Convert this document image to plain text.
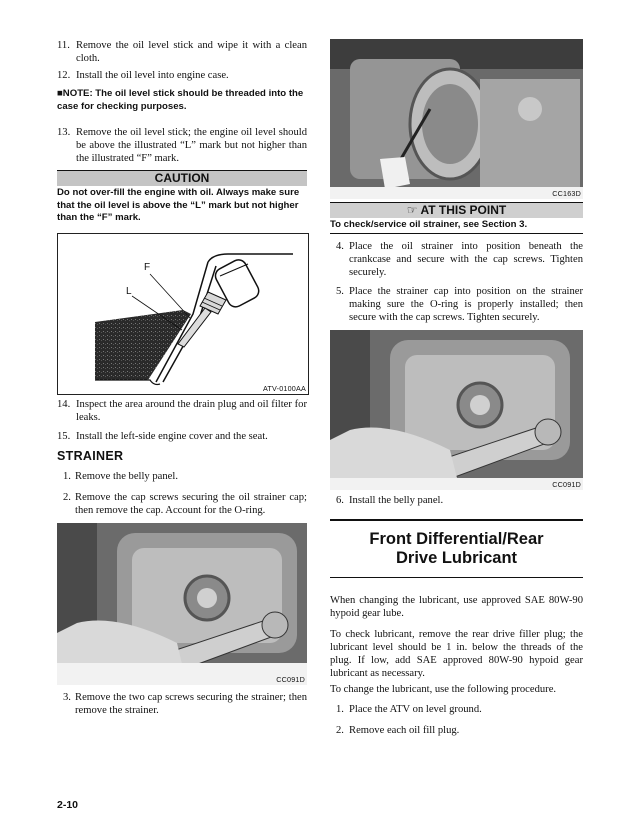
11. Remove the oil level stick and wipe it with a clean cloth.
12. Install the oil level into engine case.
■NOTE: The oil level stick should be threaded into the case for checking purposes.
13. Remove the oil level stick; the engine oil level should be above the illustrated “L” mark but not higher than the illustrated “F” mark.
CAUTION
Do not over-fill the engine with oil. Always make sure that the oil level is above the “L” mark but not higher than the “F” mark.
F
L
ATV-0100AA
14. Inspect the area around the drain plug and oil filter for leaks.
15. Install the left-side engine cover and the seat.
STRAINER
1. Remove the belly panel.
2. Remove the cap screws securing the oil strainer cap; then remove the cap. Account for the O-ring.
CC091D
3. Remove the two cap screws securing the strainer; then remove the strainer.
CC163D
☞ AT THIS POINT
To check/service oil strainer, see Section 3.
4. Place the oil strainer into position beneath the crankcase and secure with the cap screws. Tighten securely.
5. Place the strainer cap into position on the strainer making sure the O-ring is properly installed; then secure with the cap screws. Tighten securely.
CC091D
6. Install the belly panel.
Front Differential/Rear
Drive Lubricant
When changing the lubricant, use approved SAE 80W-90 hypoid gear lube.
To check lubricant, remove the rear drive filler plug; the lubricant level should be 1 in. below the threads of the plug. If low, add SAE approved 80W-90 hypoid gear lubricant as necessary.
To change the lubricant, use the following procedure.
1. Place the ATV on level ground.
2. Remove each oil fill plug.
2-10
